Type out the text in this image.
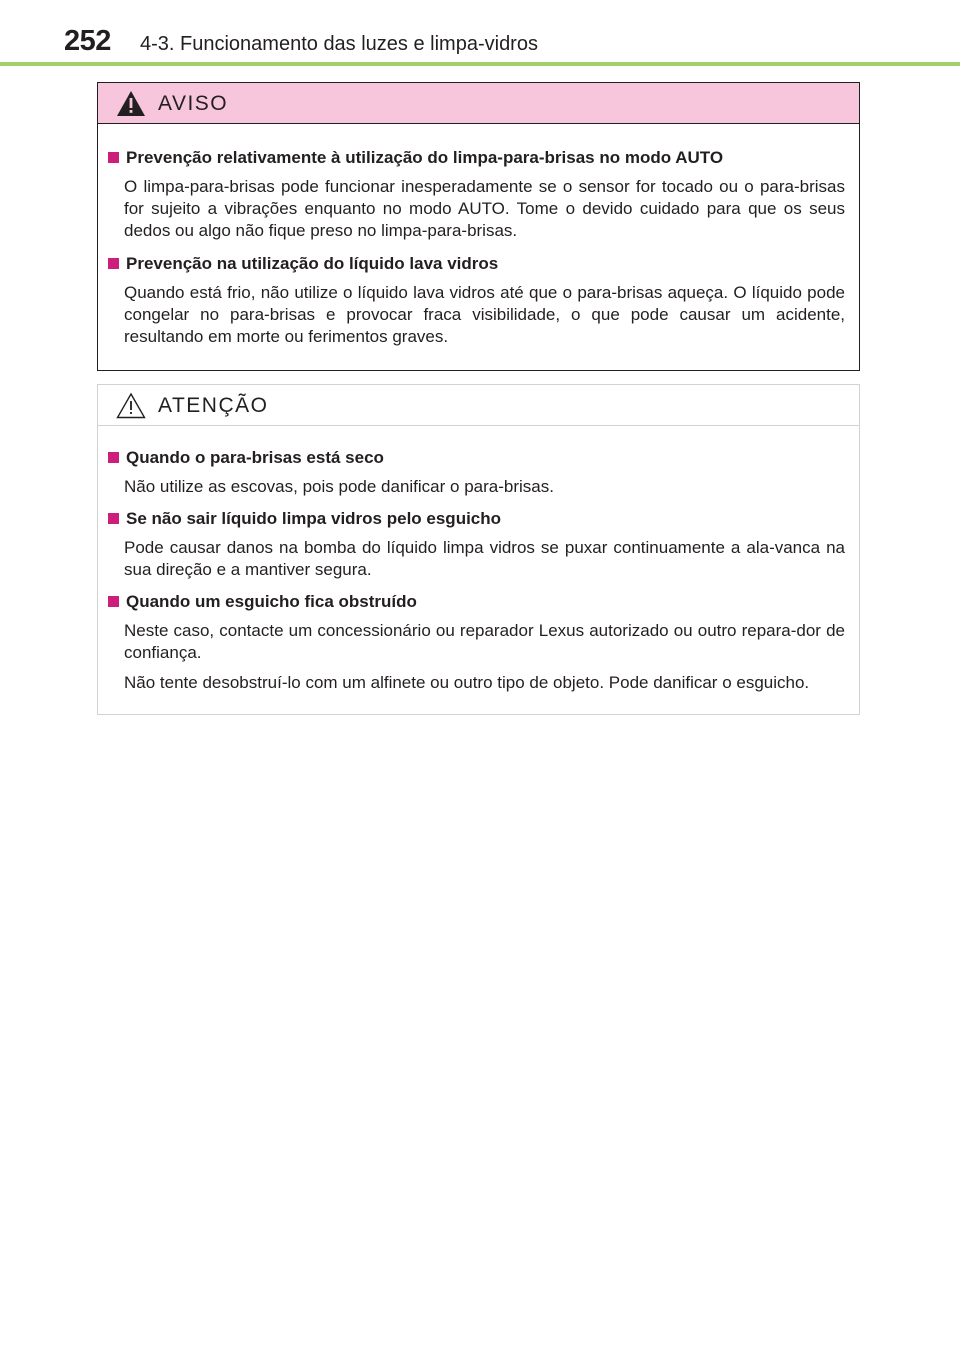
252 4-3. Funcionamento das luzes e limpa-vidros
AVISO
Prevenção relativamente à utilização do limpa-para-brisas no modo AUTO
O limpa-para-brisas pode funcionar inesperadamente se o sensor for tocado ou o para-brisas for sujeito a vibrações enquanto no modo AUTO. Tome o devido cuidado para que os seus dedos ou algo não fique preso no limpa-para-brisas.
Prevenção na utilização do líquido lava vidros
Quando está frio, não utilize o líquido lava vidros até que o para-brisas aqueça. O líquido pode congelar no para-brisas e provocar fraca visibilidade, o que pode causar um acidente, resultando em morte ou ferimentos graves.
ATENÇÃO
Quando o para-brisas está seco
Não utilize as escovas, pois pode danificar o para-brisas.
Se não sair líquido limpa vidros pelo esguicho
Pode causar danos na bomba do líquido limpa vidros se puxar continuamente a ala-vanca na sua direção e a mantiver segura.
Quando um esguicho fica obstruído
Neste caso, contacte um concessionário ou reparador Lexus autorizado ou outro repara-dor de confiança.
Não tente desobstruí-lo com um alfinete ou outro tipo de objeto. Pode danificar o esguicho.
